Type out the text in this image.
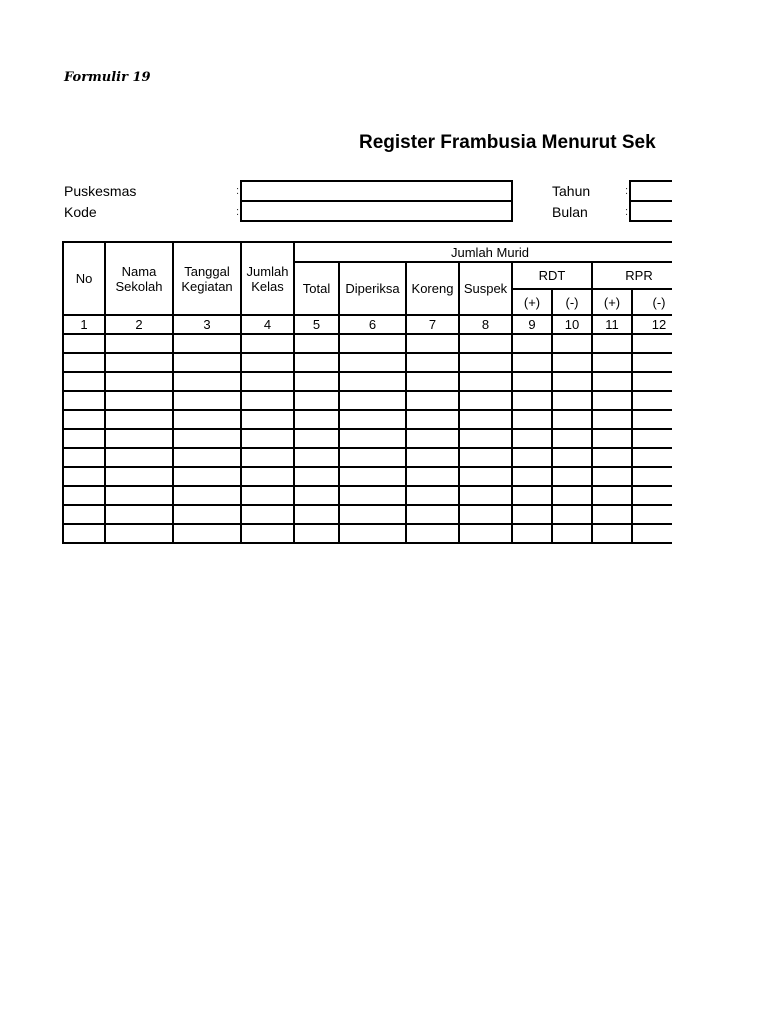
Formulir 19
Register Frambusia Menurut Sek
Puskesmas	:
Kode	:
Tahun	:
Bulan	:
No	Nama Sekolah	Tanggal Kegiatan	Jumlah Kelas	Jumlah Murid							
				Total	Diperiksa	Koreng	Suspek	RDT		RPR	
								(+)	(-)	(+)	(-)
1	2	3	4	5	6	7	8	9	10	11	12
